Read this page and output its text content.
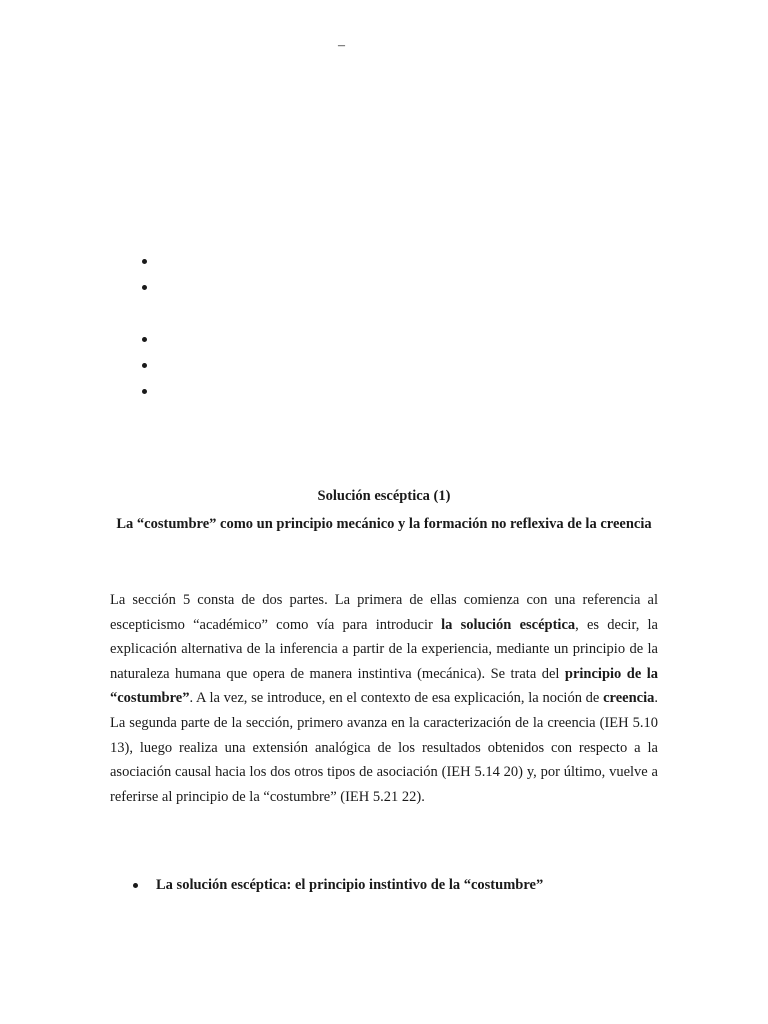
–
Solución escéptica (1)
La “costumbre” como un principio mecánico y la formación no reflexiva de la creencia

La sección 5 consta de dos partes. La primera de ellas comienza con una referencia al escepticismo “académico” como vía para introducir la solución escéptica, es decir, la explicación alternativa de la inferencia a partir de la experiencia, mediante un principio de la naturaleza humana que opera de manera instintiva (mecánica). Se trata del principio de la “costumbre”. A la vez, se introduce, en el contexto de esa explicación, la noción de creencia. La segunda parte de la sección, primero avanza en la caracterización de la creencia (IEH 5.10 13), luego realiza una extensión analógica de los resultados obtenidos con respecto a la asociación causal hacia los dos otros tipos de asociación (IEH 5.14 20) y, por último, vuelve a referirse al principio de la “costumbre” (IEH 5.21 22).

La solución escéptica: el principio instintivo de la “costumbre”
